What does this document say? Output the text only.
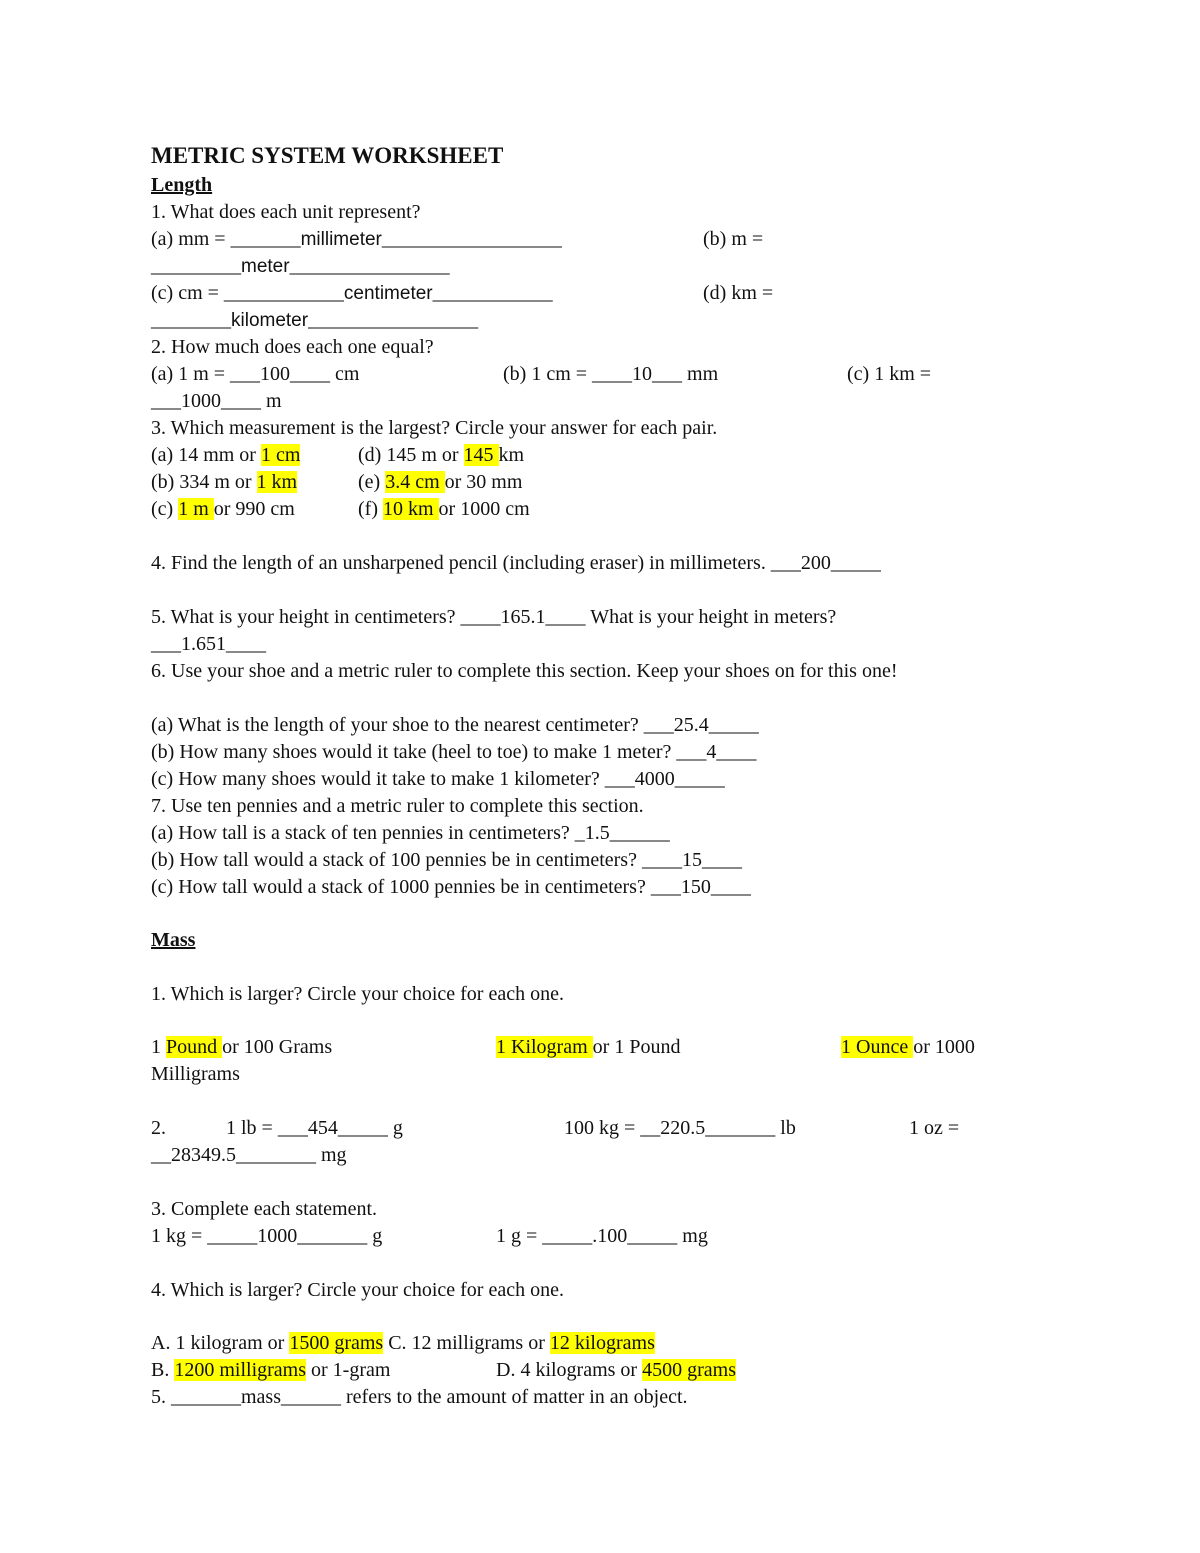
METRIC SYSTEM WORKSHEET
Length
1. What does each unit represent?
(a) mm = _______millimeter__________________	(b) m =
_________meter________________
(c) cm = ____________centimeter____________	(d) km =
________kilometer_________________
2. How much does each one equal?
(a) 1 m = ___100____ cm	(b) 1 cm = ____10___ mm	(c) 1 km =
___1000____ m
3. Which measurement is the largest? Circle your answer for each pair.
(a) 14 mm or 1 cm	(d) 145 m or 145 km
(b) 334 m or 1 km	(e) 3.4 cm or 30 mm
(c) 1 m or 990 cm	(f) 10 km or 1000 cm
4. Find the length of an unsharpened pencil (including eraser) in millimeters. ___200_____
5. What is your height in centimeters? ____165.1____ What is your height in meters?
___1.651____
6. Use your shoe and a metric ruler to complete this section. Keep your shoes on for this one!
(a) What is the length of your shoe to the nearest centimeter? ___25.4_____
(b) How many shoes would it take (heel to toe) to make 1 meter? ___4____
(c) How many shoes would it take to make 1 kilometer? ___4000_____
7. Use ten pennies and a metric ruler to complete this section.
(a) How tall is a stack of ten pennies in centimeters? _1.5______
(b) How tall would a stack of 100 pennies be in centimeters? ____15____
(c) How tall would a stack of 1000 pennies be in centimeters? ___150____
Mass
1. Which is larger? Circle your choice for each one.
1 Pound or 100 Grams	1 Kilogram or 1 Pound	1 Ounce or 1000
Milligrams
2.	1 lb = ___454_____ g	100 kg = __220.5_______ lb	1 oz =
__28349.5________ mg
3. Complete each statement.
1 kg = _____1000_______ g	1 g = _____.100_____ mg
4. Which is larger? Circle your choice for each one.
A. 1 kilogram or 1500 grams C. 12 milligrams or 12 kilograms
B. 1200 milligrams or 1-gram	D. 4 kilograms or 4500 grams
5. _______mass______ refers to the amount of matter in an object.
